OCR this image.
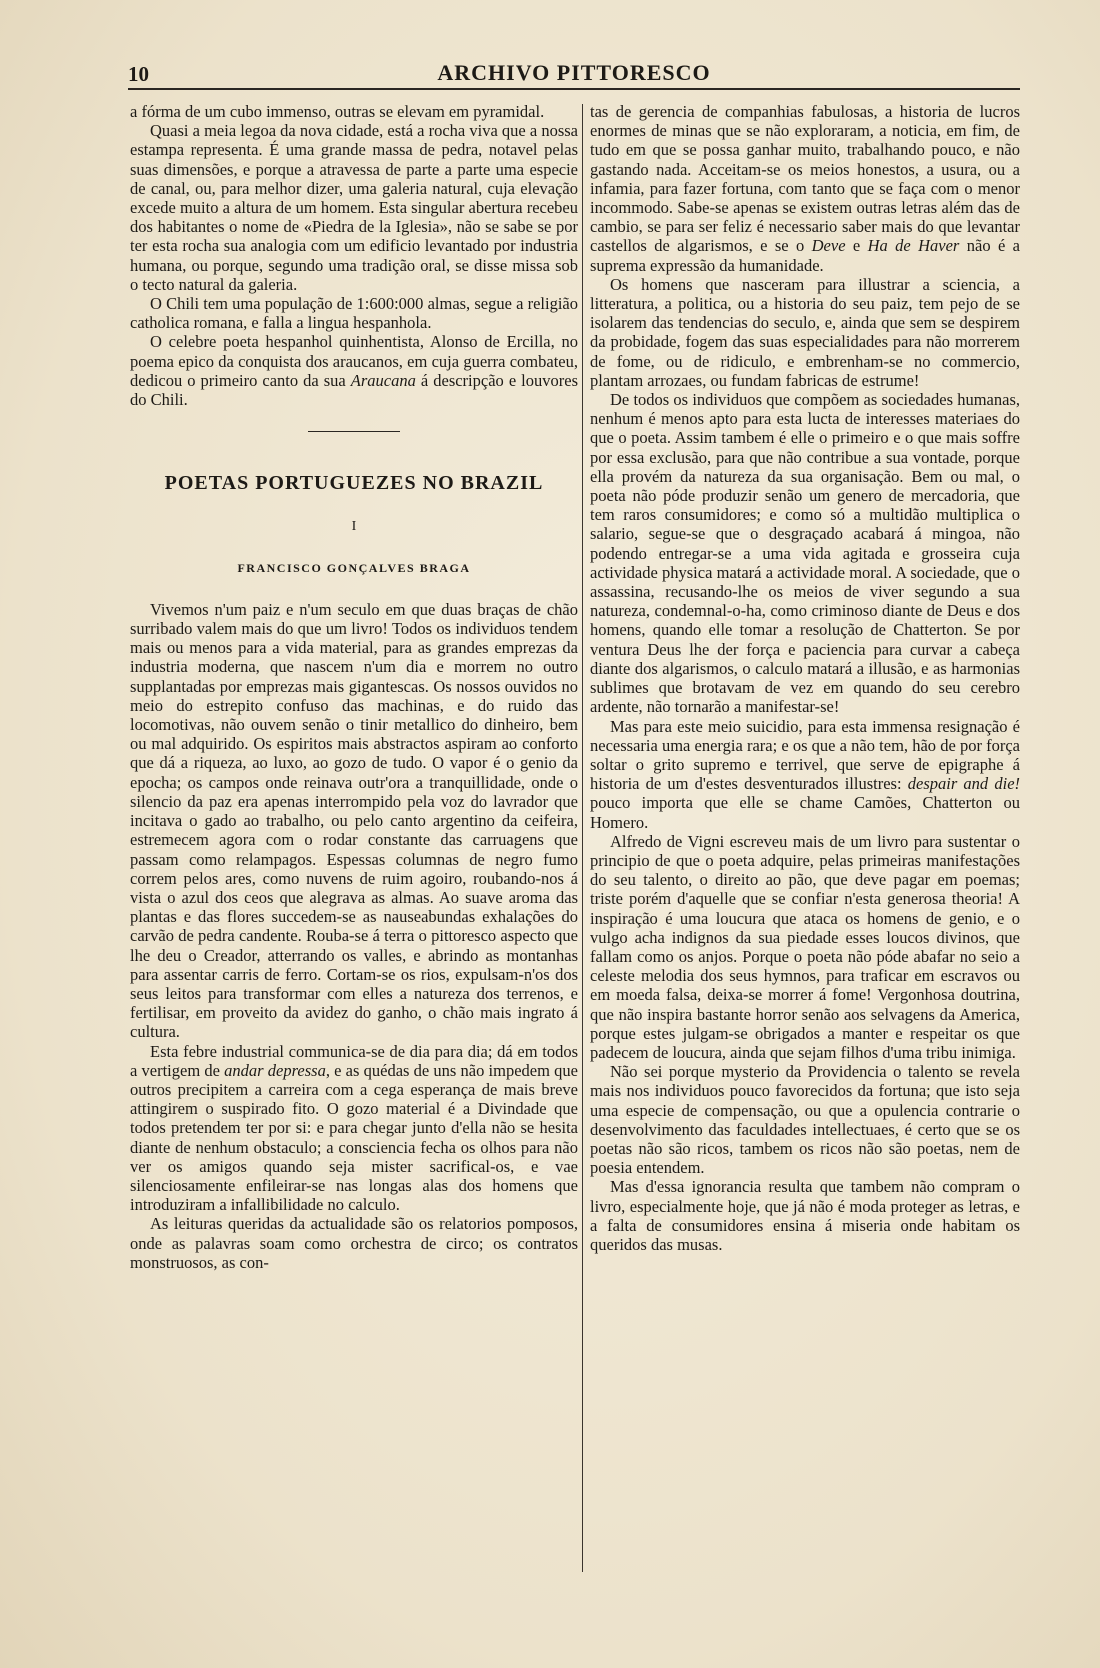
10	ARCHIVO PITTORESCO

a fórma de um cubo immenso, outras se elevam em pyramidal.

Quasi a meia legoa da nova cidade, está a rocha viva que a nossa estampa representa. É uma grande massa de pedra, notavel pelas suas dimensões, e porque a atravessa de parte a parte uma especie de canal, ou, para melhor dizer, uma galeria natural, cuja elevação excede muito a altura de um homem. Esta singular abertura recebeu dos habitantes o nome de «Piedra de la Iglesia», não se sabe se por ter esta rocha sua analogia com um edificio levantado por industria humana, ou porque, segundo uma tradição oral, se disse missa sob o tecto natural da galeria.

O Chili tem uma população de 1:600:000 almas, segue a religião catholica romana, e falla a lingua hespanhola.

O celebre poeta hespanhol quinhentista, Alonso de Ercilla, no poema epico da conquista dos araucanos, em cuja guerra combateu, dedicou o primeiro canto da sua Araucana á descripção e louvores do Chili.

POETAS PORTUGUEZES NO BRAZIL
I
FRANCISCO GONÇALVES BRAGA

Vivemos n'um paiz e n'um seculo em que duas braças de chão surribado valem mais do que um livro! Todos os individuos tendem mais ou menos para a vida material, para as grandes emprezas da industria moderna, que nascem n'um dia e morrem no outro supplantadas por emprezas mais gigantescas. Os nossos ouvidos no meio do estrepito confuso das machinas, e do ruido das locomotivas, não ouvem senão o tinir metallico do dinheiro, bem ou mal adquirido. Os espiritos mais abstractos aspiram ao conforto que dá a riqueza, ao luxo, ao gozo de tudo. O vapor é o genio da epocha; os campos onde reinava outr'ora a tranquillidade, onde o silencio da paz era apenas interrompido pela voz do lavrador que incitava o gado ao trabalho, ou pelo canto argentino da ceifeira, estremecem agora com o rodar constante das carruagens que passam como relampagos. Espessas columnas de negro fumo correm pelos ares, como nuvens de ruim agoiro, roubando-nos á vista o azul dos ceos que alegrava as almas. Ao suave aroma das plantas e das flores succedem-se as nauseabundas exhalações do carvão de pedra candente. Rouba-se á terra o pittoresco aspecto que lhe deu o Creador, atterrando os valles, e abrindo as montanhas para assentar carris de ferro. Cortam-se os rios, expulsam-n'os dos seus leitos para transformar com elles a natureza dos terrenos, e fertilisar, em proveito da avidez do ganho, o chão mais ingrato á cultura.

Esta febre industrial communica-se de dia para dia; dá em todos a vertigem de andar depressa, e as quédas de uns não impedem que outros precipitem a carreira com a cega esperança de mais breve attingirem o suspirado fito. O gozo material é a Divindade que todos pretendem ter por si: e para chegar junto d'ella não se hesita diante de nenhum obstaculo; a consciencia fecha os olhos para não ver os amigos quando seja mister sacrifical-os, e vae silenciosamente enfileirar-se nas longas alas dos homens que introduziram a infallibilidade no calculo.

As leituras queridas da actualidade são os relatorios pomposos, onde as palavras soam como orchestra de circo; os contratos monstruosos, as con-

tas de gerencia de companhias fabulosas, a historia de lucros enormes de minas que se não exploraram, a noticia, em fim, de tudo em que se possa ganhar muito, trabalhando pouco, e não gastando nada. Acceitam-se os meios honestos, a usura, ou a infamia, para fazer fortuna, com tanto que se faça com o menor incommodo. Sabe-se apenas se existem outras letras além das de cambio, se para ser feliz é necessario saber mais do que levantar castellos de algarismos, e se o Deve e Ha de Haver não é a suprema expressão da humanidade.

Os homens que nasceram para illustrar a sciencia, a litteratura, a politica, ou a historia do seu paiz, tem pejo de se isolarem das tendencias do seculo, e, ainda que sem se despirem da probidade, fogem das suas especialidades para não morrerem de fome, ou de ridiculo, e embrenham-se no commercio, plantam arrozaes, ou fundam fabricas de estrume!

De todos os individuos que compõem as sociedades humanas, nenhum é menos apto para esta lucta de interesses materiaes do que o poeta. Assim tambem é elle o primeiro e o que mais soffre por essa exclusão, para que não contribue a sua vontade, porque ella provém da natureza da sua organisação. Bem ou mal, o poeta não póde produzir senão um genero de mercadoria, que tem raros consumidores; e como só a multidão multiplica o salario, segue-se que o desgraçado acabará á mingoa, não podendo entregar-se a uma vida agitada e grosseira cuja actividade physica matará a actividade moral. A sociedade, que o assassina, recusando-lhe os meios de viver segundo a sua natureza, condemnal-o-ha, como criminoso diante de Deus e dos homens, quando elle tomar a resolução de Chatterton. Se por ventura Deus lhe der força e paciencia para curvar a cabeça diante dos algarismos, o calculo matará a illusão, e as harmonias sublimes que brotavam de vez em quando do seu cerebro ardente, não tornarão a manifestar-se!

Mas para este meio suicidio, para esta immensa resignação é necessaria uma energia rara; e os que a não tem, hão de por força soltar o grito supremo e terrivel, que serve de epigraphe á historia de um d'estes desventurados illustres: despair and die! pouco importa que elle se chame Camões, Chatterton ou Homero.

Alfredo de Vigni escreveu mais de um livro para sustentar o principio de que o poeta adquire, pelas primeiras manifestações do seu talento, o direito ao pão, que deve pagar em poemas; triste porém d'aquelle que se confiar n'esta generosa theoria! A inspiração é uma loucura que ataca os homens de genio, e o vulgo acha indignos da sua piedade esses loucos divinos, que fallam como os anjos. Porque o poeta não póde abafar no seio a celeste melodia dos seus hymnos, para traficar em escravos ou em moeda falsa, deixa-se morrer á fome! Vergonhosa doutrina, que não inspira bastante horror senão aos selvagens da America, porque estes julgam-se obrigados a manter e respeitar os que padecem de loucura, ainda que sejam filhos d'uma tribu inimiga.

Não sei porque mysterio da Providencia o talento se revela mais nos individuos pouco favorecidos da fortuna; que isto seja uma especie de compensação, ou que a opulencia contrarie o desenvolvimento das faculdades intellectuaes, é certo que se os poetas não são ricos, tambem os ricos não são poetas, nem de poesia entendem.

Mas d'essa ignorancia resulta que tambem não compram o livro, especialmente hoje, que já não é moda proteger as letras, e a falta de consumidores ensina á miseria onde habitam os queridos das musas.
